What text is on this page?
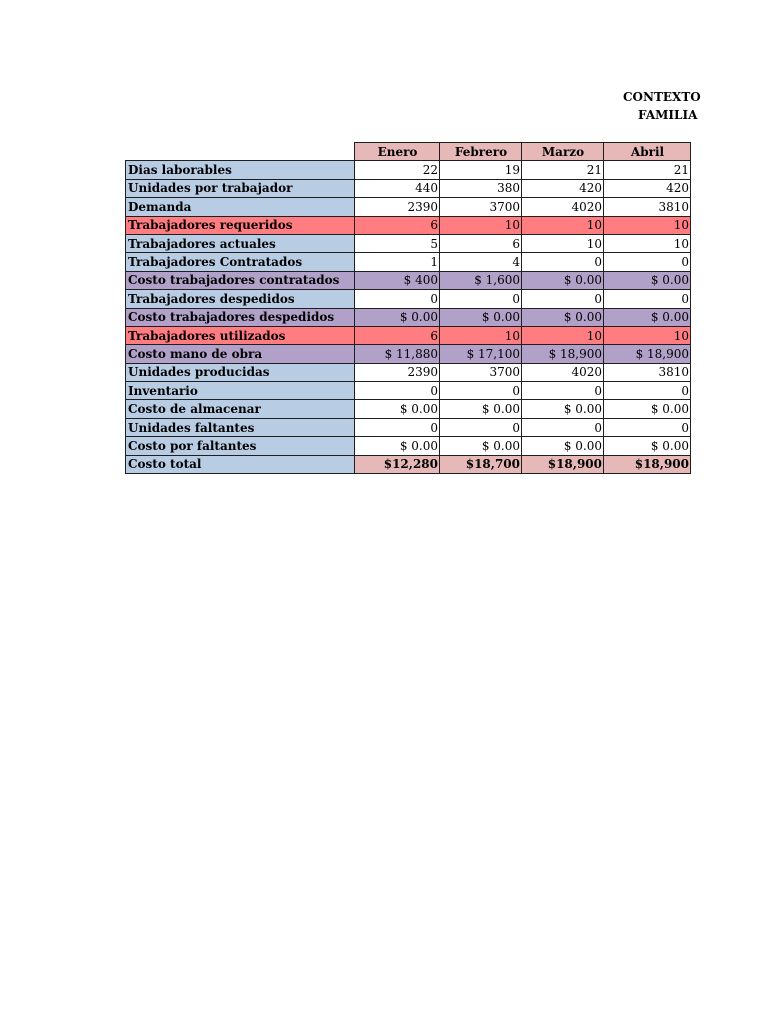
CONTEXTO
FAMILIA
	Enero	Febrero	Marzo	Abril
Dias laborables	22	19	21	21
Unidades por trabajador	440	380	420	420
Demanda	2390	3700	4020	3810
Trabajadores requeridos	6	10	10	10
Trabajadores actuales	5	6	10	10
Trabajadores Contratados	1	4	0	0
Costo trabajadores contratados	$ 400	$ 1,600	$ 0.00	$ 0.00
Trabajadores despedidos	0	0	0	0
Costo trabajadores despedidos	$ 0.00	$ 0.00	$ 0.00	$ 0.00
Trabajadores utilizados	6	10	10	10
Costo mano de obra	$ 11,880	$ 17,100	$ 18,900	$ 18,900
Unidades producidas	2390	3700	4020	3810
Inventario	0	0	0	0
Costo de almacenar	$ 0.00	$ 0.00	$ 0.00	$ 0.00
Unidades faltantes	0	0	0	0
Costo por faltantes	$ 0.00	$ 0.00	$ 0.00	$ 0.00
Costo total	$12,280	$18,700	$18,900	$18,900
